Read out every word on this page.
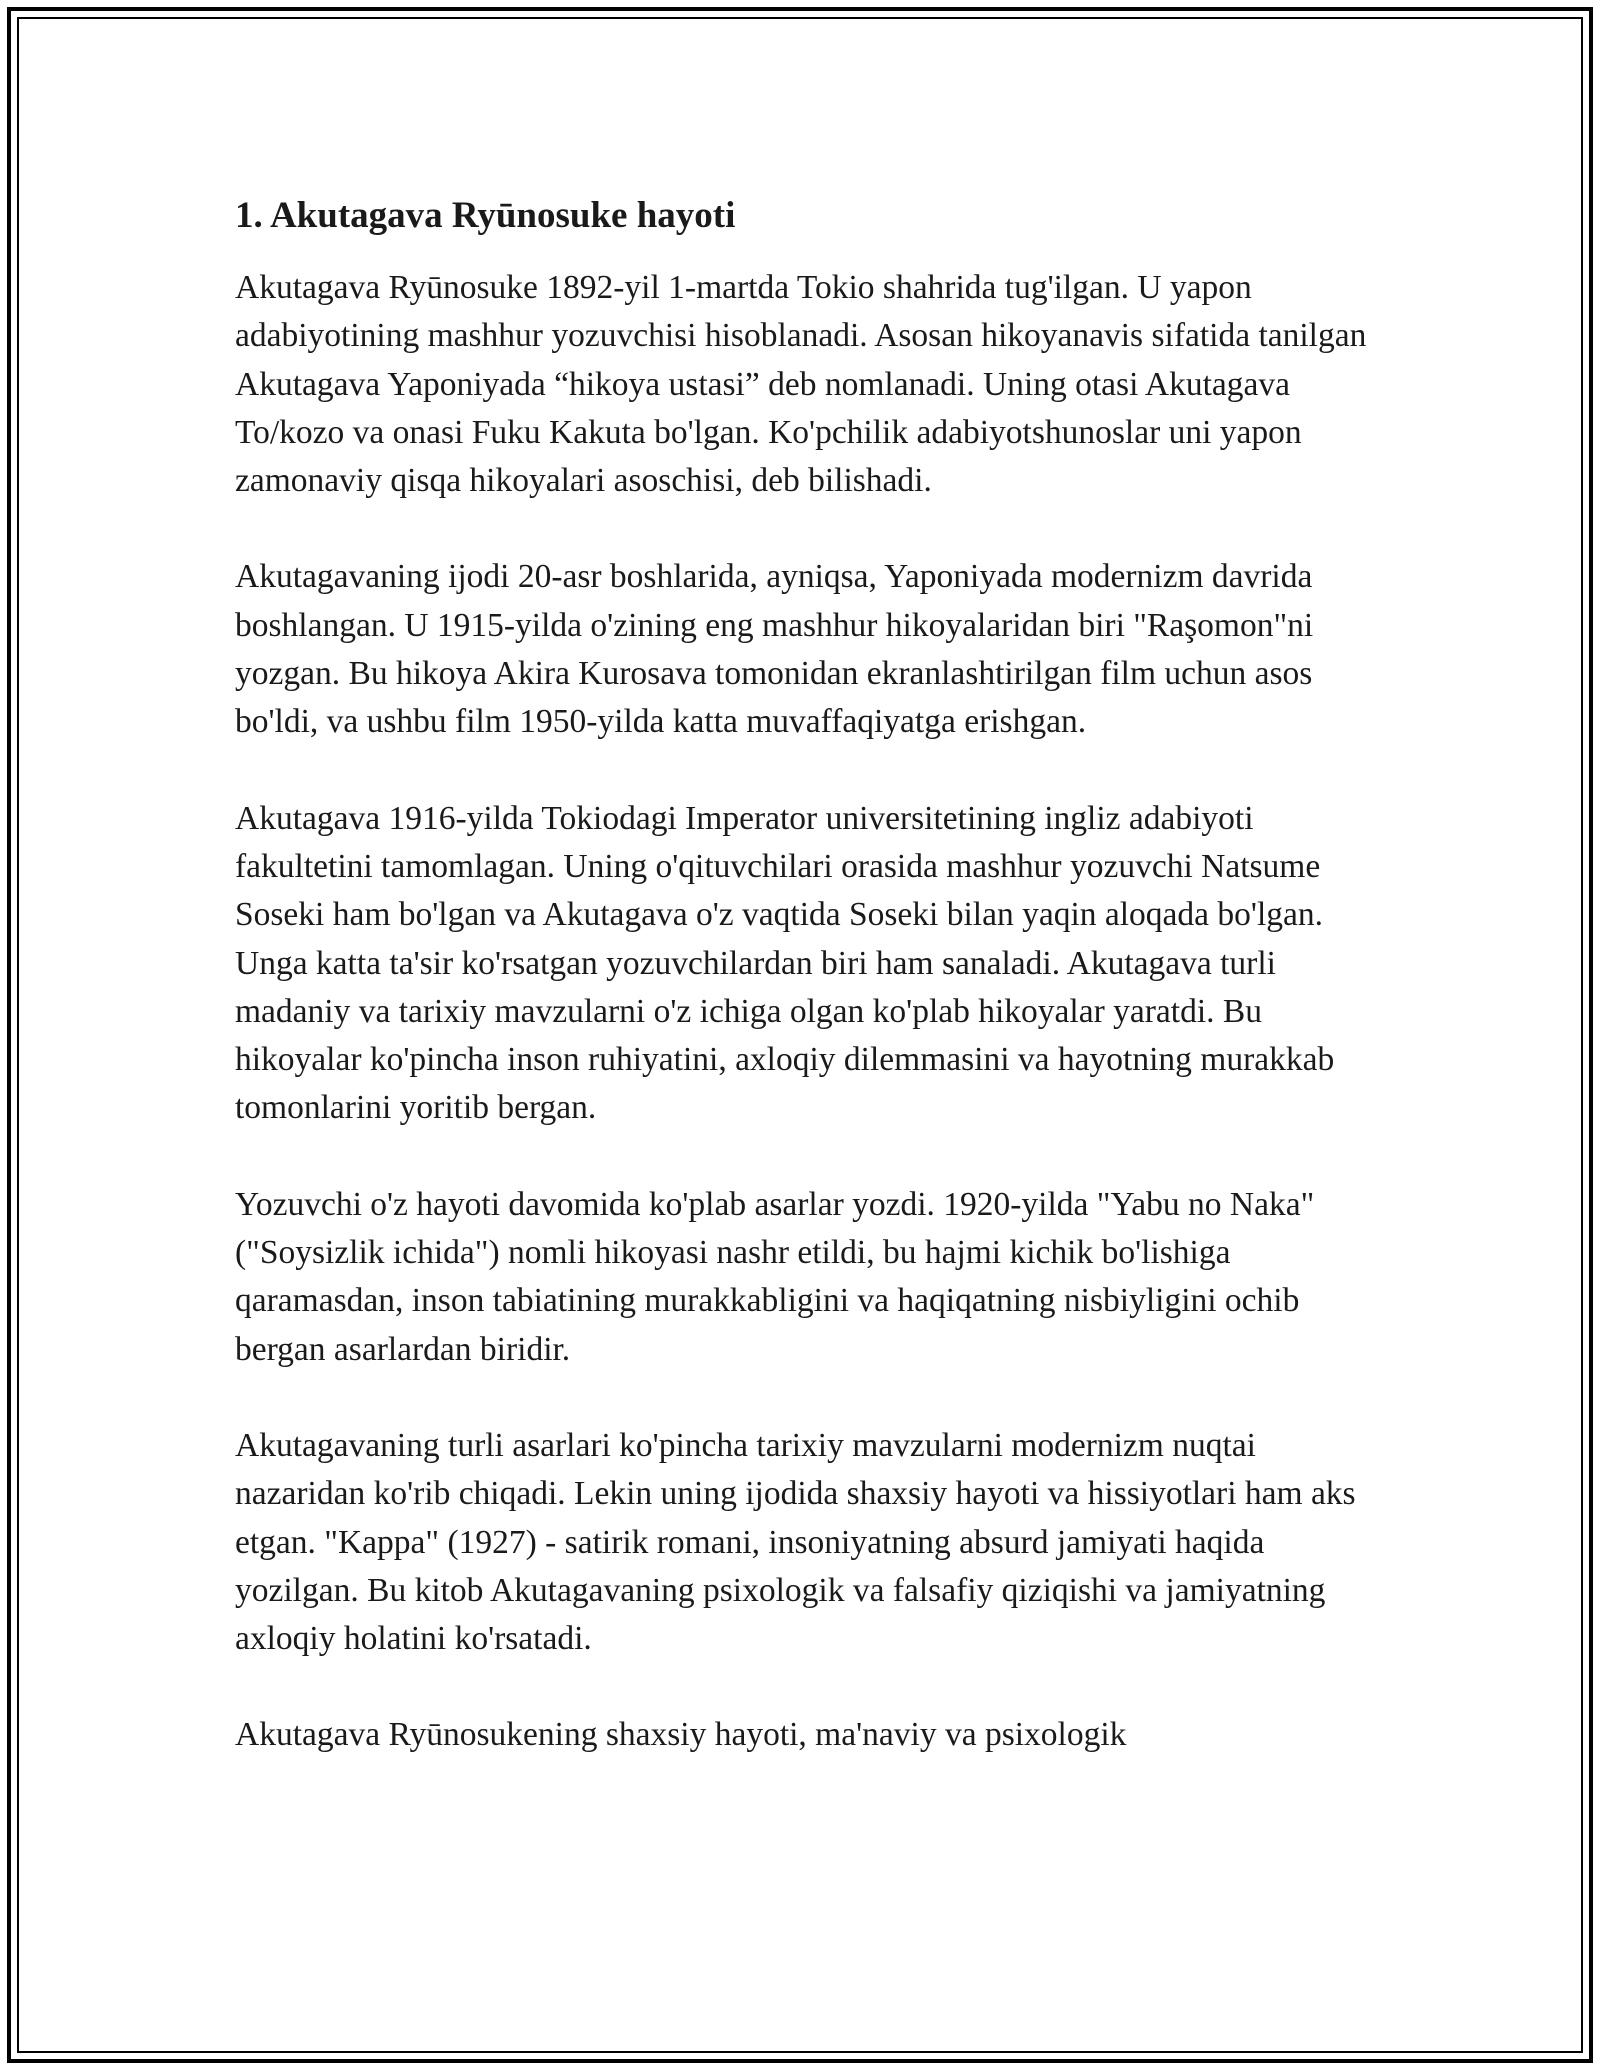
1. Akutagava Ryūnosuke hayoti

Akutagava Ryūnosuke 1892-yil 1-martda Tokio shahrida tug'ilgan. U yapon adabiyotining mashhur yozuvchisi hisoblanadi. Asosan hikoyanavis sifatida tanilgan Akutagava Yaponiyada “hikoya ustasi” deb nomlanadi. Uning otasi Akutagava To/kozo va onasi Fuku Kakuta bo'lgan. Ko'pchilik adabiyotshunoslar uni yapon zamonaviy qisqa hikoyalari asoschisi, deb bilishadi.

Akutagavaning ijodi 20-asr boshlarida, ayniqsa, Yaponiyada modernizm davrida boshlangan. U 1915-yilda o'zining eng mashhur hikoyalaridan biri "Raşomon"ni yozgan. Bu hikoya Akira Kurosava tomonidan ekranlashtirilgan film uchun asos bo'ldi, va ushbu film 1950-yilda katta muvaffaqiyatga erishgan.

Akutagava 1916-yilda Tokiodagi Imperator universitetining ingliz adabiyoti fakultetini tamomlagan. Uning o'qituvchilari orasida mashhur yozuvchi Natsume Soseki ham bo'lgan va Akutagava o'z vaqtida Soseki bilan yaqin aloqada bo'lgan. Unga katta ta'sir ko'rsatgan yozuvchilardan biri ham sanaladi. Akutagava turli madaniy va tarixiy mavzularni o'z ichiga olgan ko'plab hikoyalar yaratdi. Bu hikoyalar ko'pincha inson ruhiyatini, axloqiy dilemmasini va hayotning murakkab tomonlarini yoritib bergan.

Yozuvchi o'z hayoti davomida ko'plab asarlar yozdi. 1920-yilda "Yabu no Naka" ("Soysizlik ichida") nomli hikoyasi nashr etildi, bu hajmi kichik bo'lishiga qaramasdan, inson tabiatining murakkabligini va haqiqatning nisbiyligini ochib bergan asarlardan biridir.

Akutagavaning turli asarlari ko'pincha tarixiy mavzularni modernizm nuqtai nazaridan ko'rib chiqadi. Lekin uning ijodida shaxsiy hayoti va hissiyotlari ham aks etgan. "Kappa" (1927) - satirik romani, insoniyatning absurd jamiyati haqida yozilgan. Bu kitob Akutagavaning psixologik va falsafiy qiziqishi va jamiyatning axloqiy holatini ko'rsatadi.

Akutagava Ryūnosukening shaxsiy hayoti, ma'naviy va psixologik
